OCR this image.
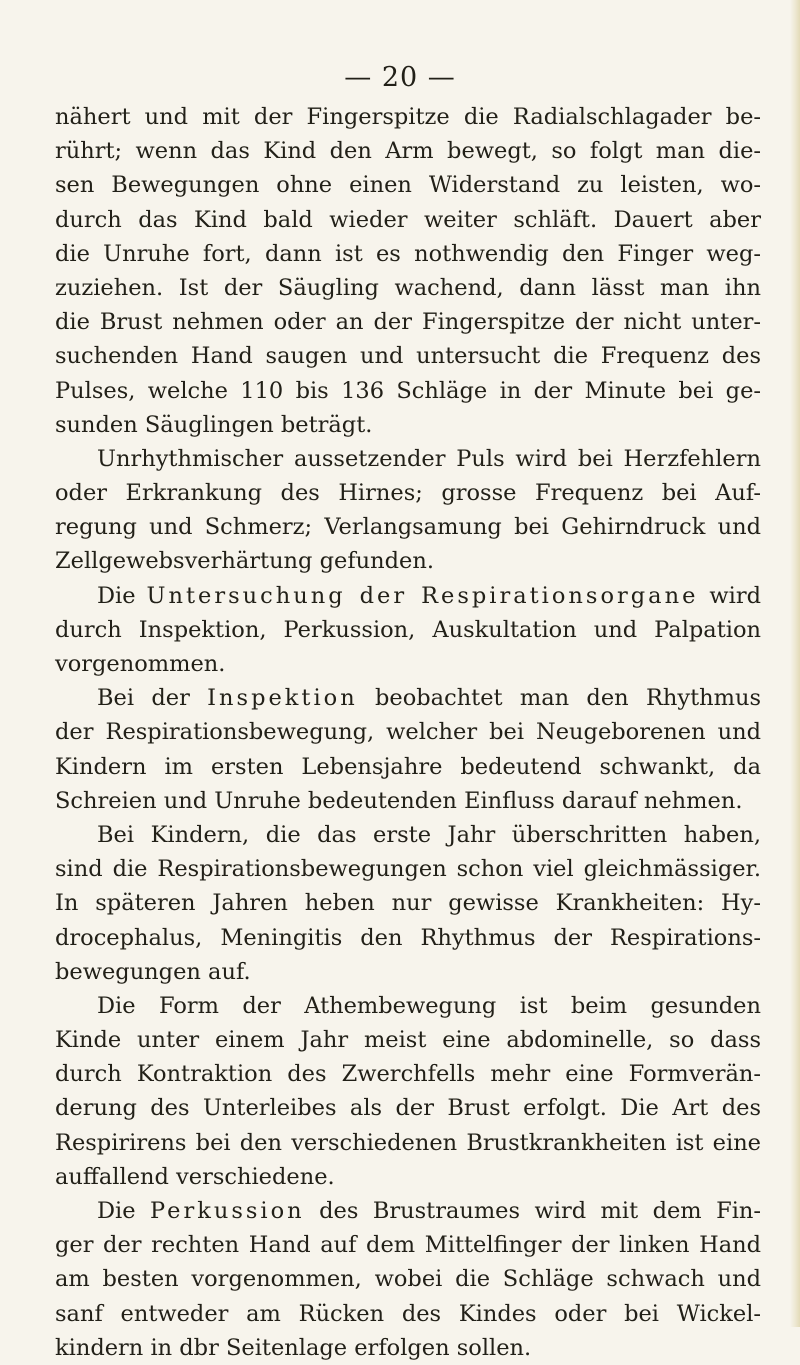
— 20 —
nähert und mit der Fingerspitze die Radialschlagader be-
rührt; wenn das Kind den Arm bewegt, so folgt man die-
sen Bewegungen ohne einen Widerstand zu leisten, wo-
durch das Kind bald wieder weiter schläft. Dauert aber
die Unruhe fort, dann ist es nothwendig den Finger weg-
zuziehen. Ist der Säugling wachend, dann lässt man ihn
die Brust nehmen oder an der Fingerspitze der nicht unter-
suchenden Hand saugen und untersucht die Frequenz des
Pulses, welche 110 bis 136 Schläge in der Minute bei ge-
sunden Säuglingen beträgt.
Unrhythmischer aussetzender Puls wird bei Herzfehlern
oder Erkrankung des Hirnes; grosse Frequenz bei Auf-
regung und Schmerz; Verlangsamung bei Gehirndruck und
Zellgewebsverhärtung gefunden.
Die Untersuchung der Respirationsorgane wird
durch Inspektion, Perkussion, Auskultation und Palpation
vorgenommen.
Bei der Inspektion beobachtet man den Rhythmus
der Respirationsbewegung, welcher bei Neugeborenen und
Kindern im ersten Lebensjahre bedeutend schwankt, da
Schreien und Unruhe bedeutenden Einfluss darauf nehmen.
Bei Kindern, die das erste Jahr überschritten haben,
sind die Respirationsbewegungen schon viel gleichmässiger.
In späteren Jahren heben nur gewisse Krankheiten: Hy-
drocephalus, Meningitis den Rhythmus der Respirations-
bewegungen auf.
Die Form der Athembewegung ist beim gesunden
Kinde unter einem Jahr meist eine abdominelle, so dass
durch Kontraktion des Zwerchfells mehr eine Formverän-
derung des Unterleibes als der Brust erfolgt. Die Art des
Respirirens bei den verschiedenen Brustkrankheiten ist eine
auffallend verschiedene.
Die Perkussion des Brustraumes wird mit dem Fin-
ger der rechten Hand auf dem Mittelfinger der linken Hand
am besten vorgenommen, wobei die Schläge schwach und
sanf entweder am Rücken des Kindes oder bei Wickel-
kindern in dbr Seitenlage erfolgen sollen.
